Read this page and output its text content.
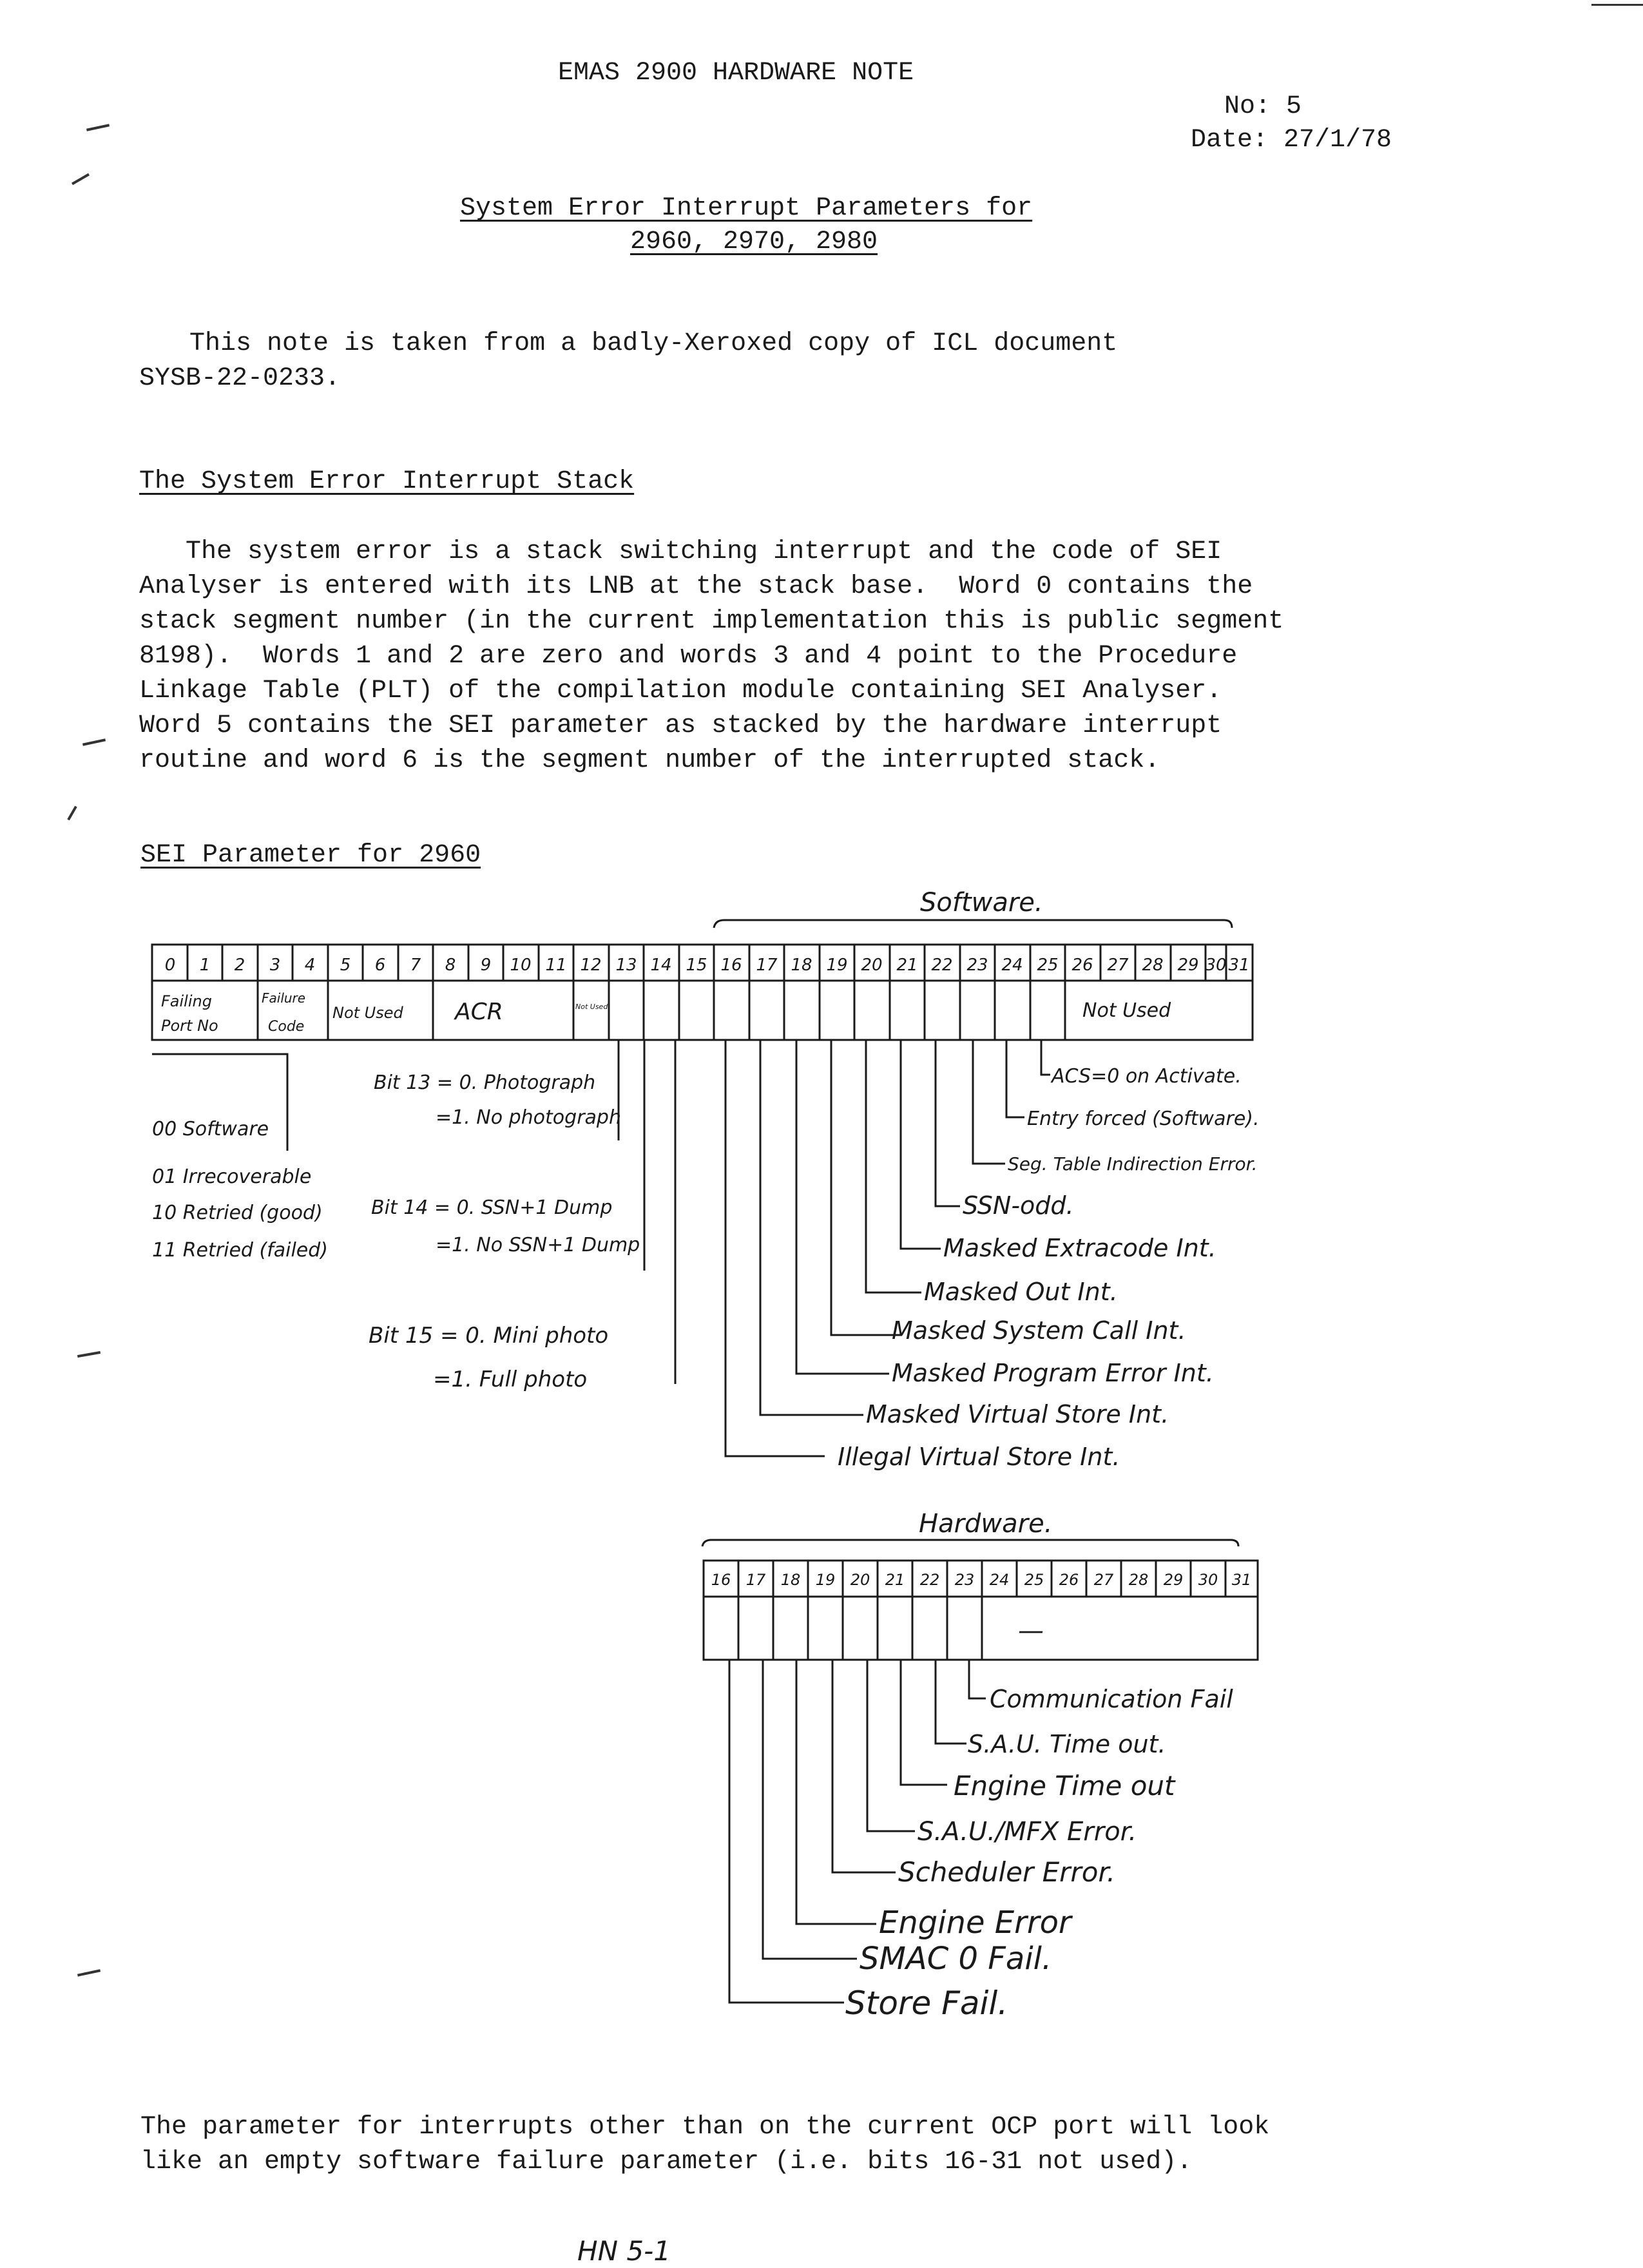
EMAS 2900 HARDWARE NOTE
No: 5
Date: 27/1/78
System Error Interrupt Parameters for
2960, 2970, 2980
This note is taken from a badly-Xeroxed copy of ICL document
SYSB-22-0233.
The System Error Interrupt Stack
The system error is a stack switching interrupt and the code of SEI
Analyser is entered with its LNB at the stack base.  Word 0 contains the
stack segment number (in the current implementation this is public segment
8198).  Words 1 and 2 are zero and words 3 and 4 point to the Procedure
Linkage Table (PLT) of the compilation module containing SEI Analyser.
Word 5 contains the SEI parameter as stacked by the hardware interrupt
routine and word 6 is the segment number of the interrupted stack.
SEI Parameter for 2960
Software.
Hardware.
0 1 2 3 4 5 6 7 8 9 10 11 12 13 14 15 16 17 18 19 20 21 22 23 24 25 26 27 28 29 30 31
Failing
Port No
Failure
Code
Not Used ACR	Not Used	Not Used
00 Software
01 Irrecoverable
10 Retried (good)
11 Retried (failed)
Bit 13 = 0. Photograph
=1. No photograph
Bit 14 = 0. SSN+1 Dump
=1. No SSN+1 Dump
Bit 15 = 0. Mini photo
=1. Full photo
ACS=0 on Activate.
Entry forced (Software).
Seg. Table Indirection Error.
SSN-odd.
Masked Extracode Int.
Masked Out Int.
Masked System Call Int.
Masked Program Error Int.
Masked Virtual Store Int.
Illegal Virtual Store Int.
16 17 18 19 20 21 22 23 24 25 26 27 28 29 30 31
—
Communication Fail
S.A.U. Time out.
Engine Time out
S.A.U./MFX Error.
Scheduler Error.
Engine Error
SMAC 0 Fail.
Store Fail.
The parameter for interrupts other than on the current OCP port will look
like an empty software failure parameter (i.e. bits 16-31 not used).
HN 5-1
